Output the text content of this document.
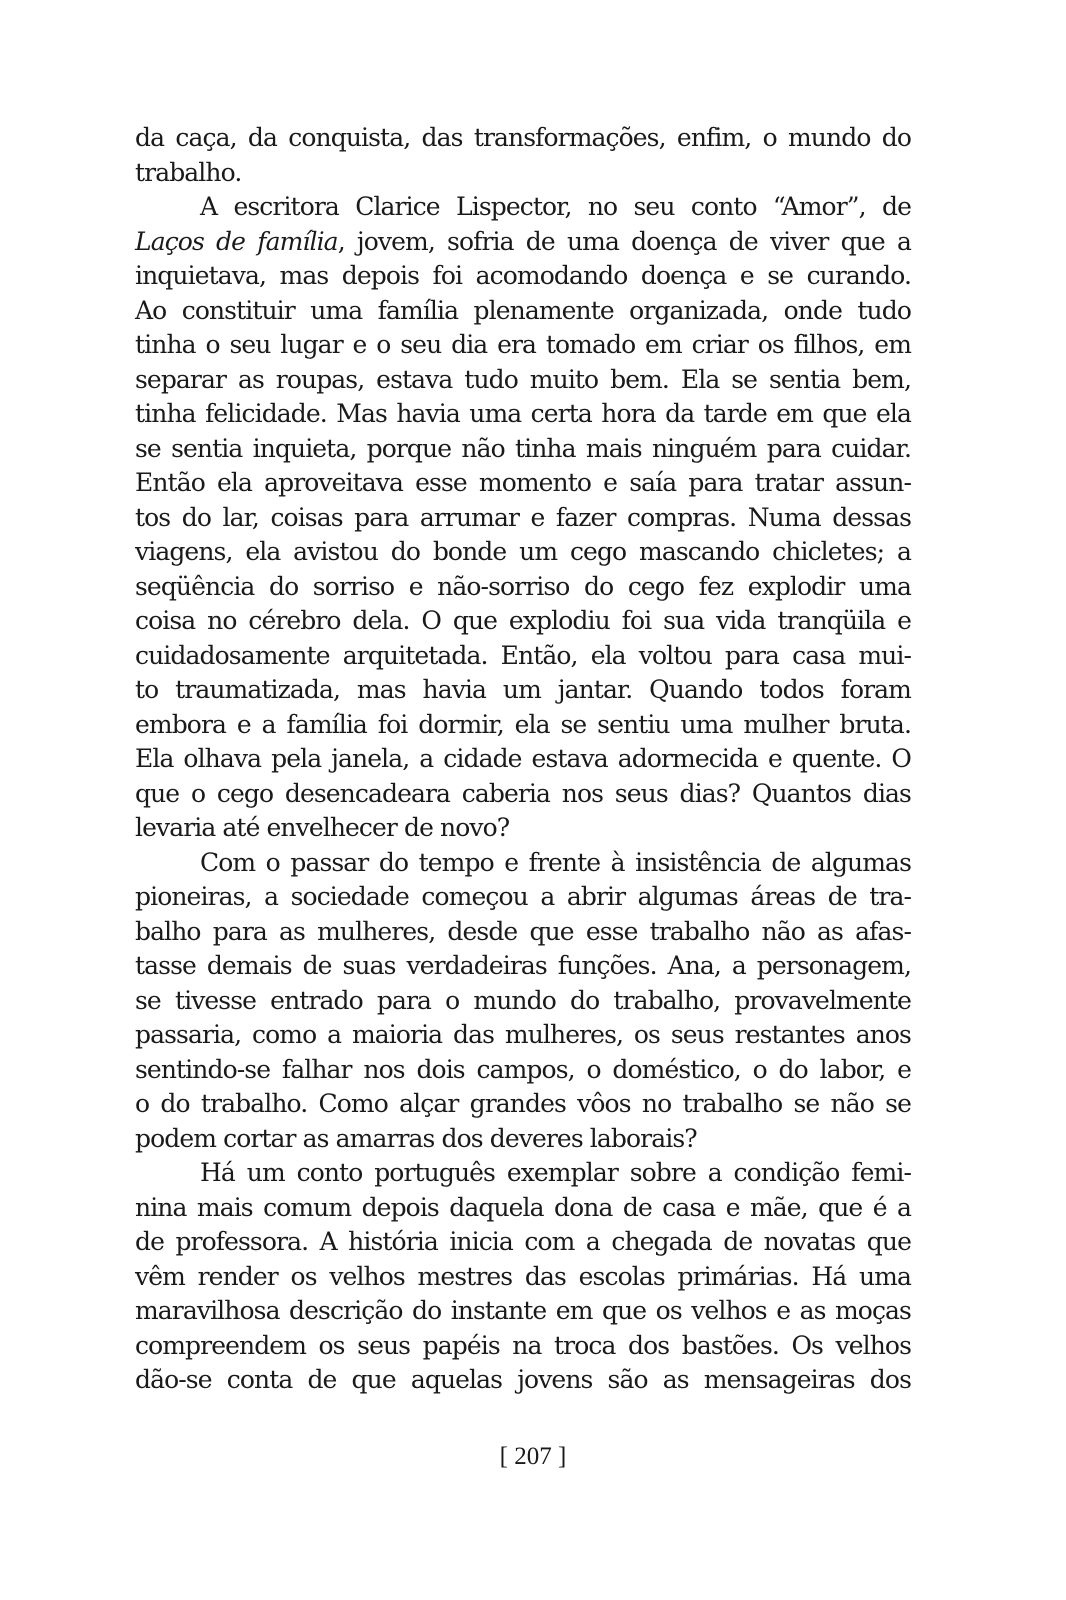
da caça, da conquista, das transformações, enfim, o mundo do
trabalho.
A escritora Clarice Lispector, no seu conto “Amor”, de
Laços de família, jovem, sofria de uma doença de viver que a
inquietava, mas depois foi acomodando doença e se curando.
Ao constituir uma família plenamente organizada, onde tudo
tinha o seu lugar e o seu dia era tomado em criar os filhos, em
separar as roupas, estava tudo muito bem. Ela se sentia bem,
tinha felicidade. Mas havia uma certa hora da tarde em que ela
se sentia inquieta, porque não tinha mais ninguém para cuidar.
Então ela aproveitava esse momento e saía para tratar assun-
tos do lar, coisas para arrumar e fazer compras. Numa dessas
viagens, ela avistou do bonde um cego mascando chicletes; a
seqüência do sorriso e não-sorriso do cego fez explodir uma
coisa no cérebro dela. O que explodiu foi sua vida tranqüila e
cuidadosamente arquitetada. Então, ela voltou para casa mui-
to traumatizada, mas havia um jantar. Quando todos foram
embora e a família foi dormir, ela se sentiu uma mulher bruta.
Ela olhava pela janela, a cidade estava adormecida e quente. O
que o cego desencadeara caberia nos seus dias? Quantos dias
levaria até envelhecer de novo?
Com o passar do tempo e frente à insistência de algumas
pioneiras, a sociedade começou a abrir algumas áreas de tra-
balho para as mulheres, desde que esse trabalho não as afas-
tasse demais de suas verdadeiras funções. Ana, a personagem,
se tivesse entrado para o mundo do trabalho, provavelmente
passaria, como a maioria das mulheres, os seus restantes anos
sentindo-se falhar nos dois campos, o doméstico, o do labor, e
o do trabalho. Como alçar grandes vôos no trabalho se não se
podem cortar as amarras dos deveres laborais?
Há um conto português exemplar sobre a condição femi-
nina mais comum depois daquela dona de casa e mãe, que é a
de professora. A história inicia com a chegada de novatas que
vêm render os velhos mestres das escolas primárias. Há uma
maravilhosa descrição do instante em que os velhos e as moças
compreendem os seus papéis na troca dos bastões. Os velhos
dão-se conta de que aquelas jovens são as mensageiras dos
[ 207 ]
